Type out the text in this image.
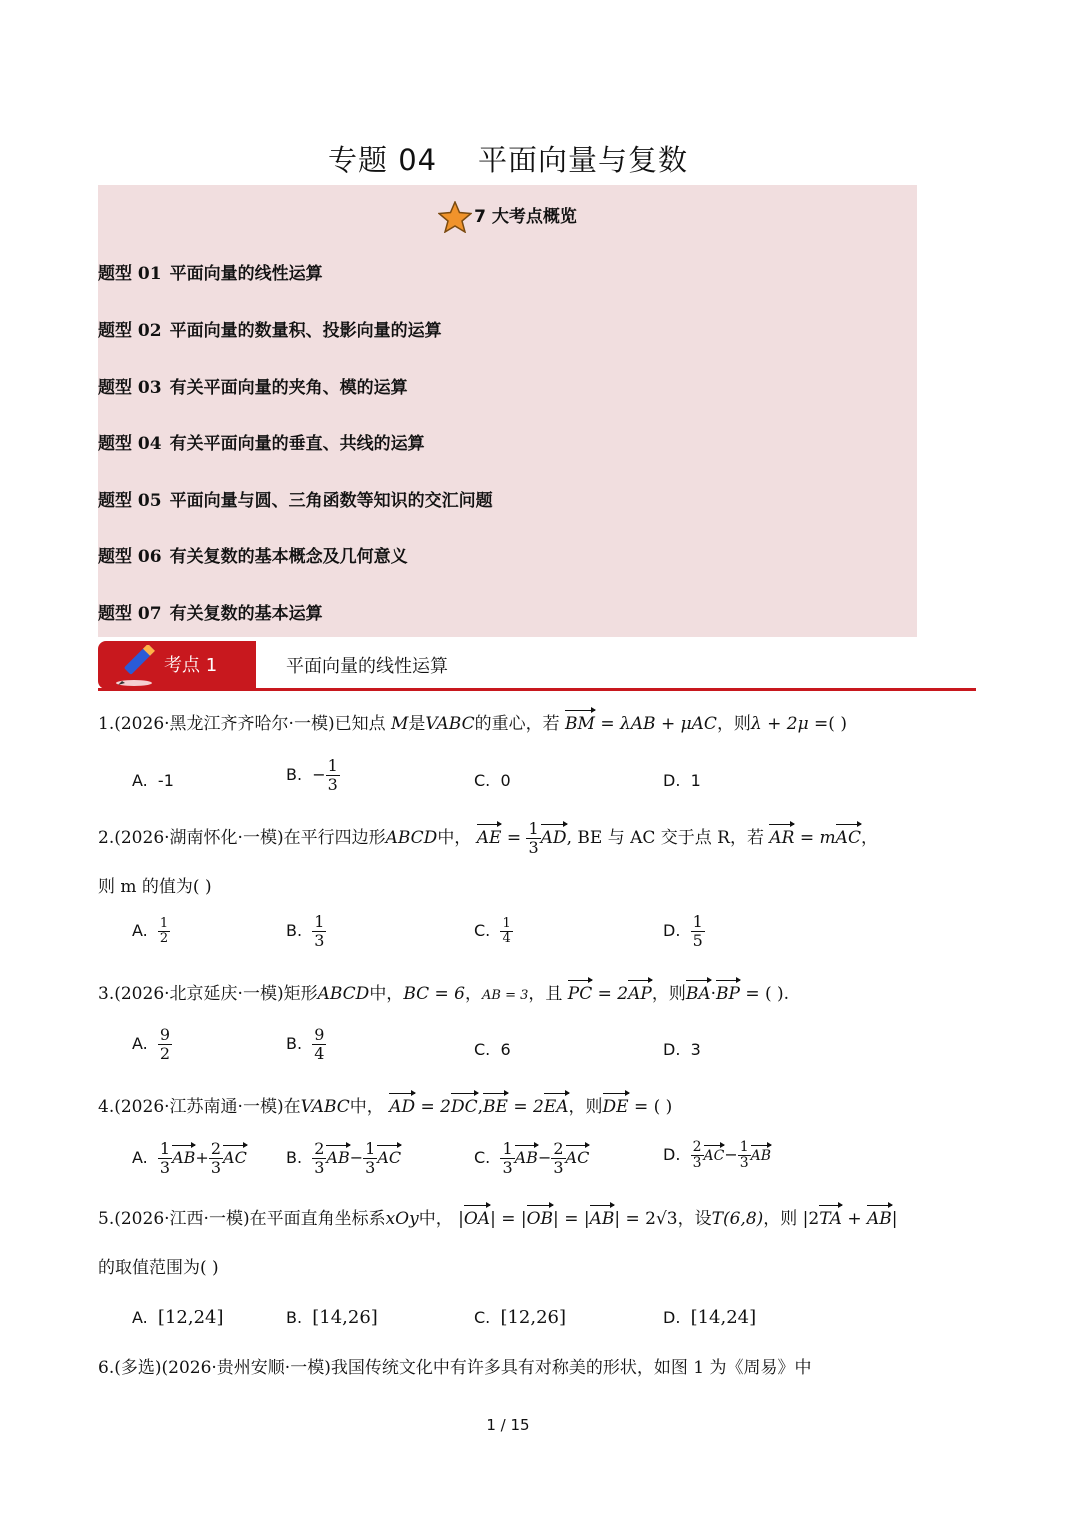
专题 04    平面向量与复数
7 大考点概览
题型 01 平面向量的线性运算
题型 02 平面向量的数量积、投影向量的运算
题型 03 有关平面向量的夹角、模的运算
题型 04 有关平面向量的垂直、共线的运算
题型 05 平面向量与圆、三角函数等知识的交汇问题
题型 06 有关复数的基本概念及几何意义
题型 07 有关复数的基本运算
考点 1	平面向量的线性运算
1.(2026·黑龙江齐齐哈尔·一模)已知点 M是VABC的重心，若 BM = λAB + μAC，则λ + 2μ =( )
A. -1	B. − $\frac{1}{3}$	C. 0	D. 1
2.(2026·湖南怀化·一模)在平行四边形ABCD中， AE = $\frac{1}{3}$ AD, BE 与 AC 交于点 R，若 AR = mAC，
则 m 的值为( )
A. $\frac{1}{2}$	B. $\frac{1}{3}$	C. $\frac{1}{4}$	D. $\frac{1}{5}$
3.(2026·北京延庆·一模)矩形ABCD中，BC = 6，AB = 3，且 PC = 2AP，则BA·BP = ( ).
A. $\frac{9}{2}$	B. $\frac{9}{4}$	C. 6	D. 3
4.(2026·江苏南通·一模)在VABC中， AD = 2DC,BE = 2EA，则DE = ( )
A. $\frac{1}{3} AB+ \frac{2}{3}$ AC B. $\frac{2}{3} AB- \frac{1}{3}$ AC	C. $\frac{1}{3} AB- \frac{2}{3}$ AC	D. $\frac{2}{3} AC- \frac{1}{3}$ AB
5.(2026·江西·一模)在平面直角坐标系xOy中， |OA| = |OB| = |AB| = 2√3，设T(6,8)，则 |2TA + AB|
的取值范围为( )
A. [12,24]	B. [14,26]	C. [12,26]	D. [14,24]
6.(多选)(2026·贵州安顺·一模)我国传统文化中有许多具有对称美的形状，如图 1 为《周易》中
1 / 15
